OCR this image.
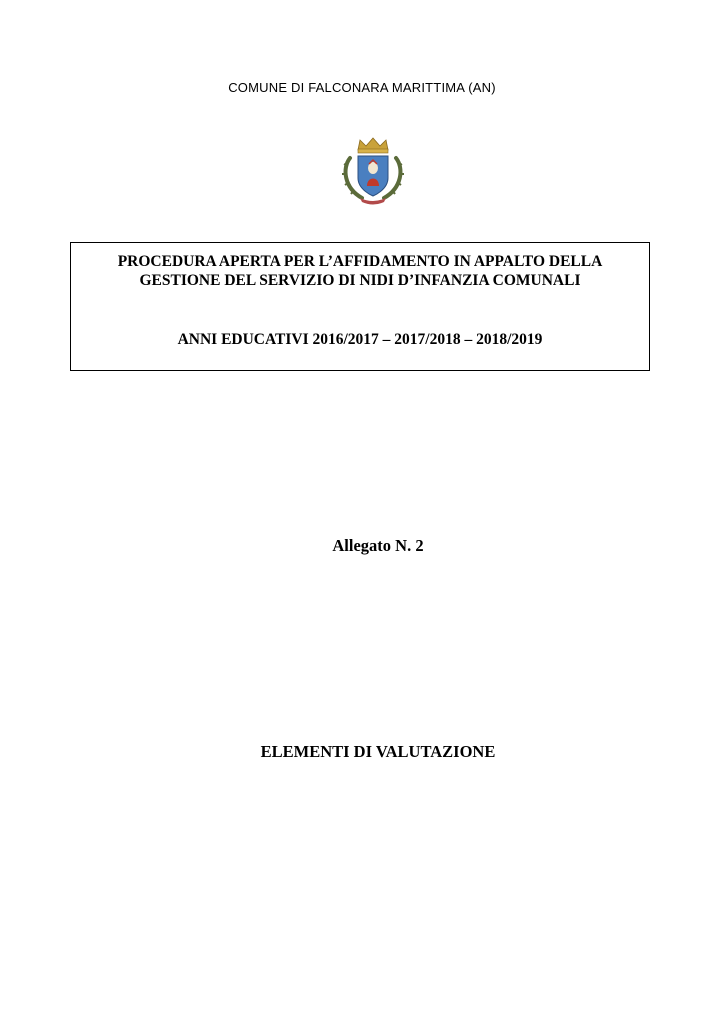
COMUNE DI FALCONARA MARITTIMA (AN)
PROCEDURA APERTA PER L’AFFIDAMENTO IN APPALTO DELLA
GESTIONE DEL SERVIZIO DI NIDI D’INFANZIA COMUNALI
ANNI EDUCATIVI 2016/2017 – 2017/2018 – 2018/2019
Allegato N. 2
ELEMENTI DI VALUTAZIONE
